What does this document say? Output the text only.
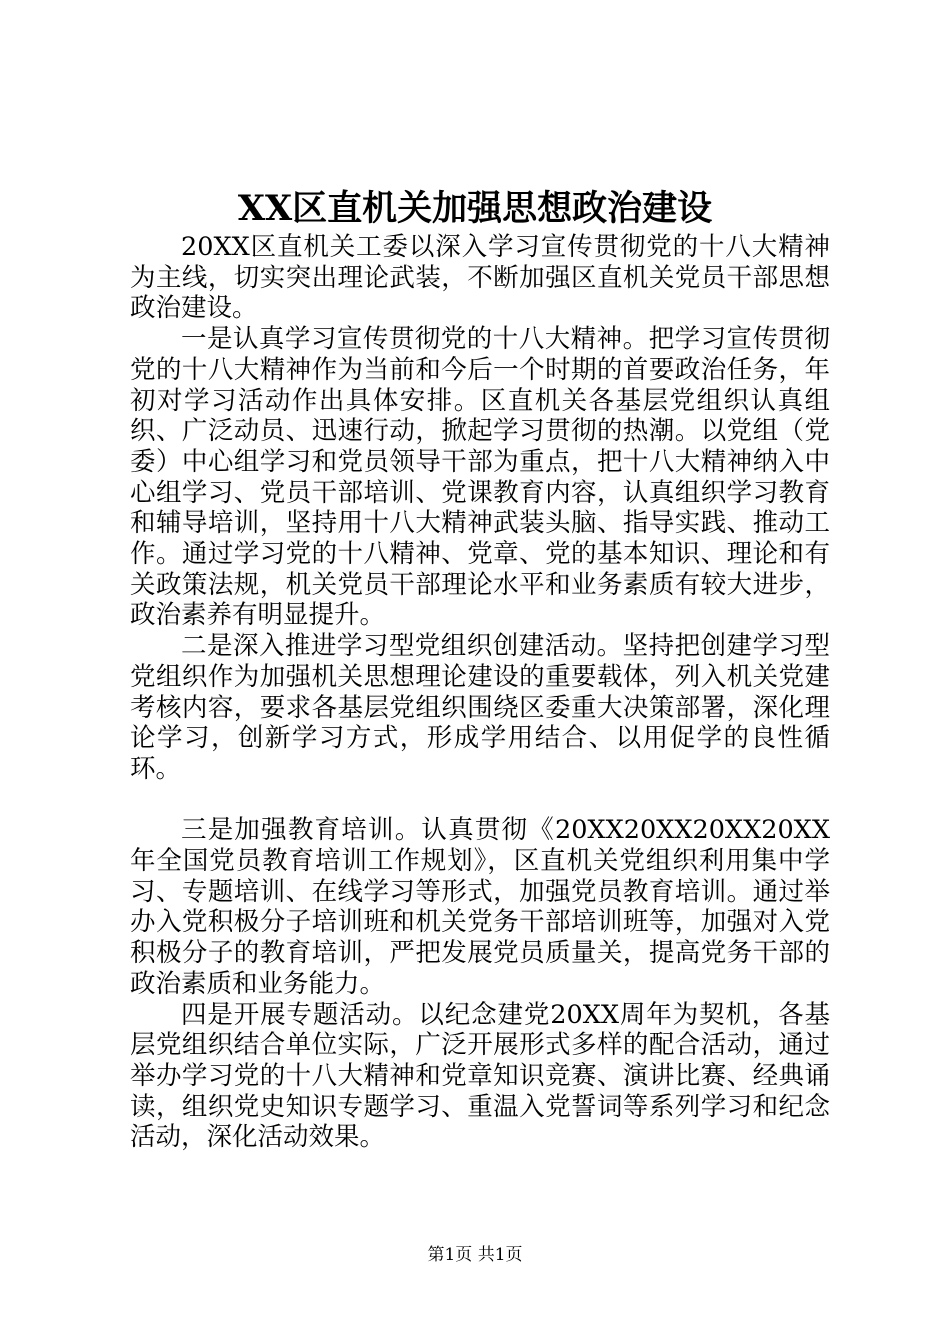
XX区直机关加强思想政治建设

20XX区直机关工委以深入学习宣传贯彻党的十八大精神为主线，切实突出理论武装，不断加强区直机关党员干部思想政治建设。

一是认真学习宣传贯彻党的十八大精神。把学习宣传贯彻党的十八大精神作为当前和今后一个时期的首要政治任务，年初对学习活动作出具体安排。区直机关各基层党组织认真组织、广泛动员、迅速行动，掀起学习贯彻的热潮。以党组（党委）中心组学习和党员领导干部为重点，把十八大精神纳入中心组学习、党员干部培训、党课教育内容，认真组织学习教育和辅导培训，坚持用十八大精神武装头脑、指导实践、推动工作。通过学习党的十八精神、党章、党的基本知识、理论和有关政策法规，机关党员干部理论水平和业务素质有较大进步，政治素养有明显提升。

二是深入推进学习型党组织创建活动。坚持把创建学习型党组织作为加强机关思想理论建设的重要载体，列入机关党建考核内容，要求各基层党组织围绕区委重大决策部署，深化理论学习，创新学习方式，形成学用结合、以用促学的良性循环。

三是加强教育培训。认真贯彻《20XX20XX20XX20XX年全国党员教育培训工作规划》，区直机关党组织利用集中学习、专题培训、在线学习等形式，加强党员教育培训。通过举办入党积极分子培训班和机关党务干部培训班等，加强对入党积极分子的教育培训，严把发展党员质量关，提高党务干部的政治素质和业务能力。

四是开展专题活动。以纪念建党20XX周年为契机，各基层党组织结合单位实际，广泛开展形式多样的配合活动，通过举办学习党的十八大精神和党章知识竞赛、演讲比赛、经典诵读，组织党史知识专题学习、重温入党誓词等系列学习和纪念活动，深化活动效果。

第1页 共1页
